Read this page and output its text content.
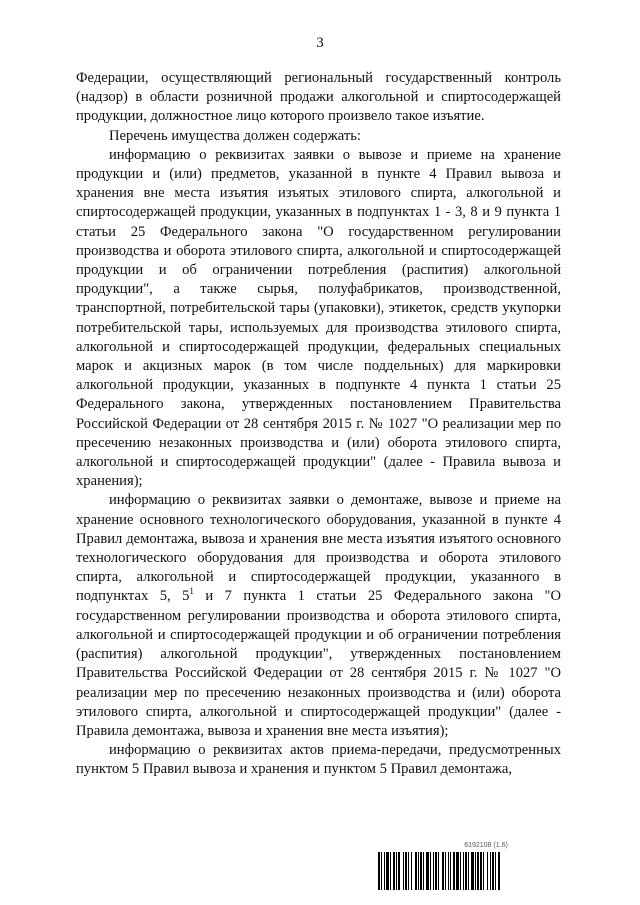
3

Федерации, осуществляющий региональный государственный контроль (надзор) в области розничной продажи алкогольной и спиртосодержащей продукции, должностное лицо которого произвело такое изъятие.

Перечень имущества должен содержать:

информацию о реквизитах заявки о вывозе и приеме на хранение продукции и (или) предметов, указанной в пункте 4 Правил вывоза и хранения вне места изъятия изъятых этилового спирта, алкогольной и спиртосодержащей продукции, указанных в подпунктах 1 - 3, 8 и 9 пункта 1 статьи 25 Федерального закона "О государственном регулировании производства и оборота этилового спирта, алкогольной и спиртосодержащей продукции и об ограничении потребления (распития) алкогольной продукции", а также сырья, полуфабрикатов, производственной, транспортной, потребительской тары (упаковки), этикеток, средств укупорки потребительской тары, используемых для производства этилового спирта, алкогольной и спиртосодержащей продукции, федеральных специальных марок и акцизных марок (в том числе поддельных) для маркировки алкогольной продукции, указанных в подпункте 4 пункта 1 статьи 25 Федерального закона, утвержденных постановлением Правительства Российской Федерации от 28 сентября 2015 г. № 1027 "О реализации мер по пресечению незаконных производства и (или) оборота этилового спирта, алкогольной и спиртосодержащей продукции" (далее - Правила вывоза и хранения);

информацию о реквизитах заявки о демонтаже, вывозе и приеме на хранение основного технологического оборудования, указанной в пункте 4 Правил демонтажа, вывоза и хранения вне места изъятия изъятого основного технологического оборудования для производства и оборота этилового спирта, алкогольной и спиртосодержащей продукции, указанного в подпунктах 5, $5^1$ и 7 пункта 1 статьи 25 Федерального закона "О государственном регулировании производства и оборота этилового спирта, алкогольной и спиртосодержащей продукции и об ограничении потребления (распития) алкогольной продукции", утвержденных постановлением Правительства Российской Федерации от 28 сентября 2015 г. № 1027 "О реализации мер по пресечению незаконных производства и (или) оборота этилового спирта, алкогольной и спиртосодержащей продукции" (далее - Правила демонтажа, вывоза и хранения вне места изъятия);

информацию о реквизитах актов приема-передачи, предусмотренных пунктом 5 Правил вывоза и хранения и пунктом 5 Правил демонтажа,

6192108 (1.6)
